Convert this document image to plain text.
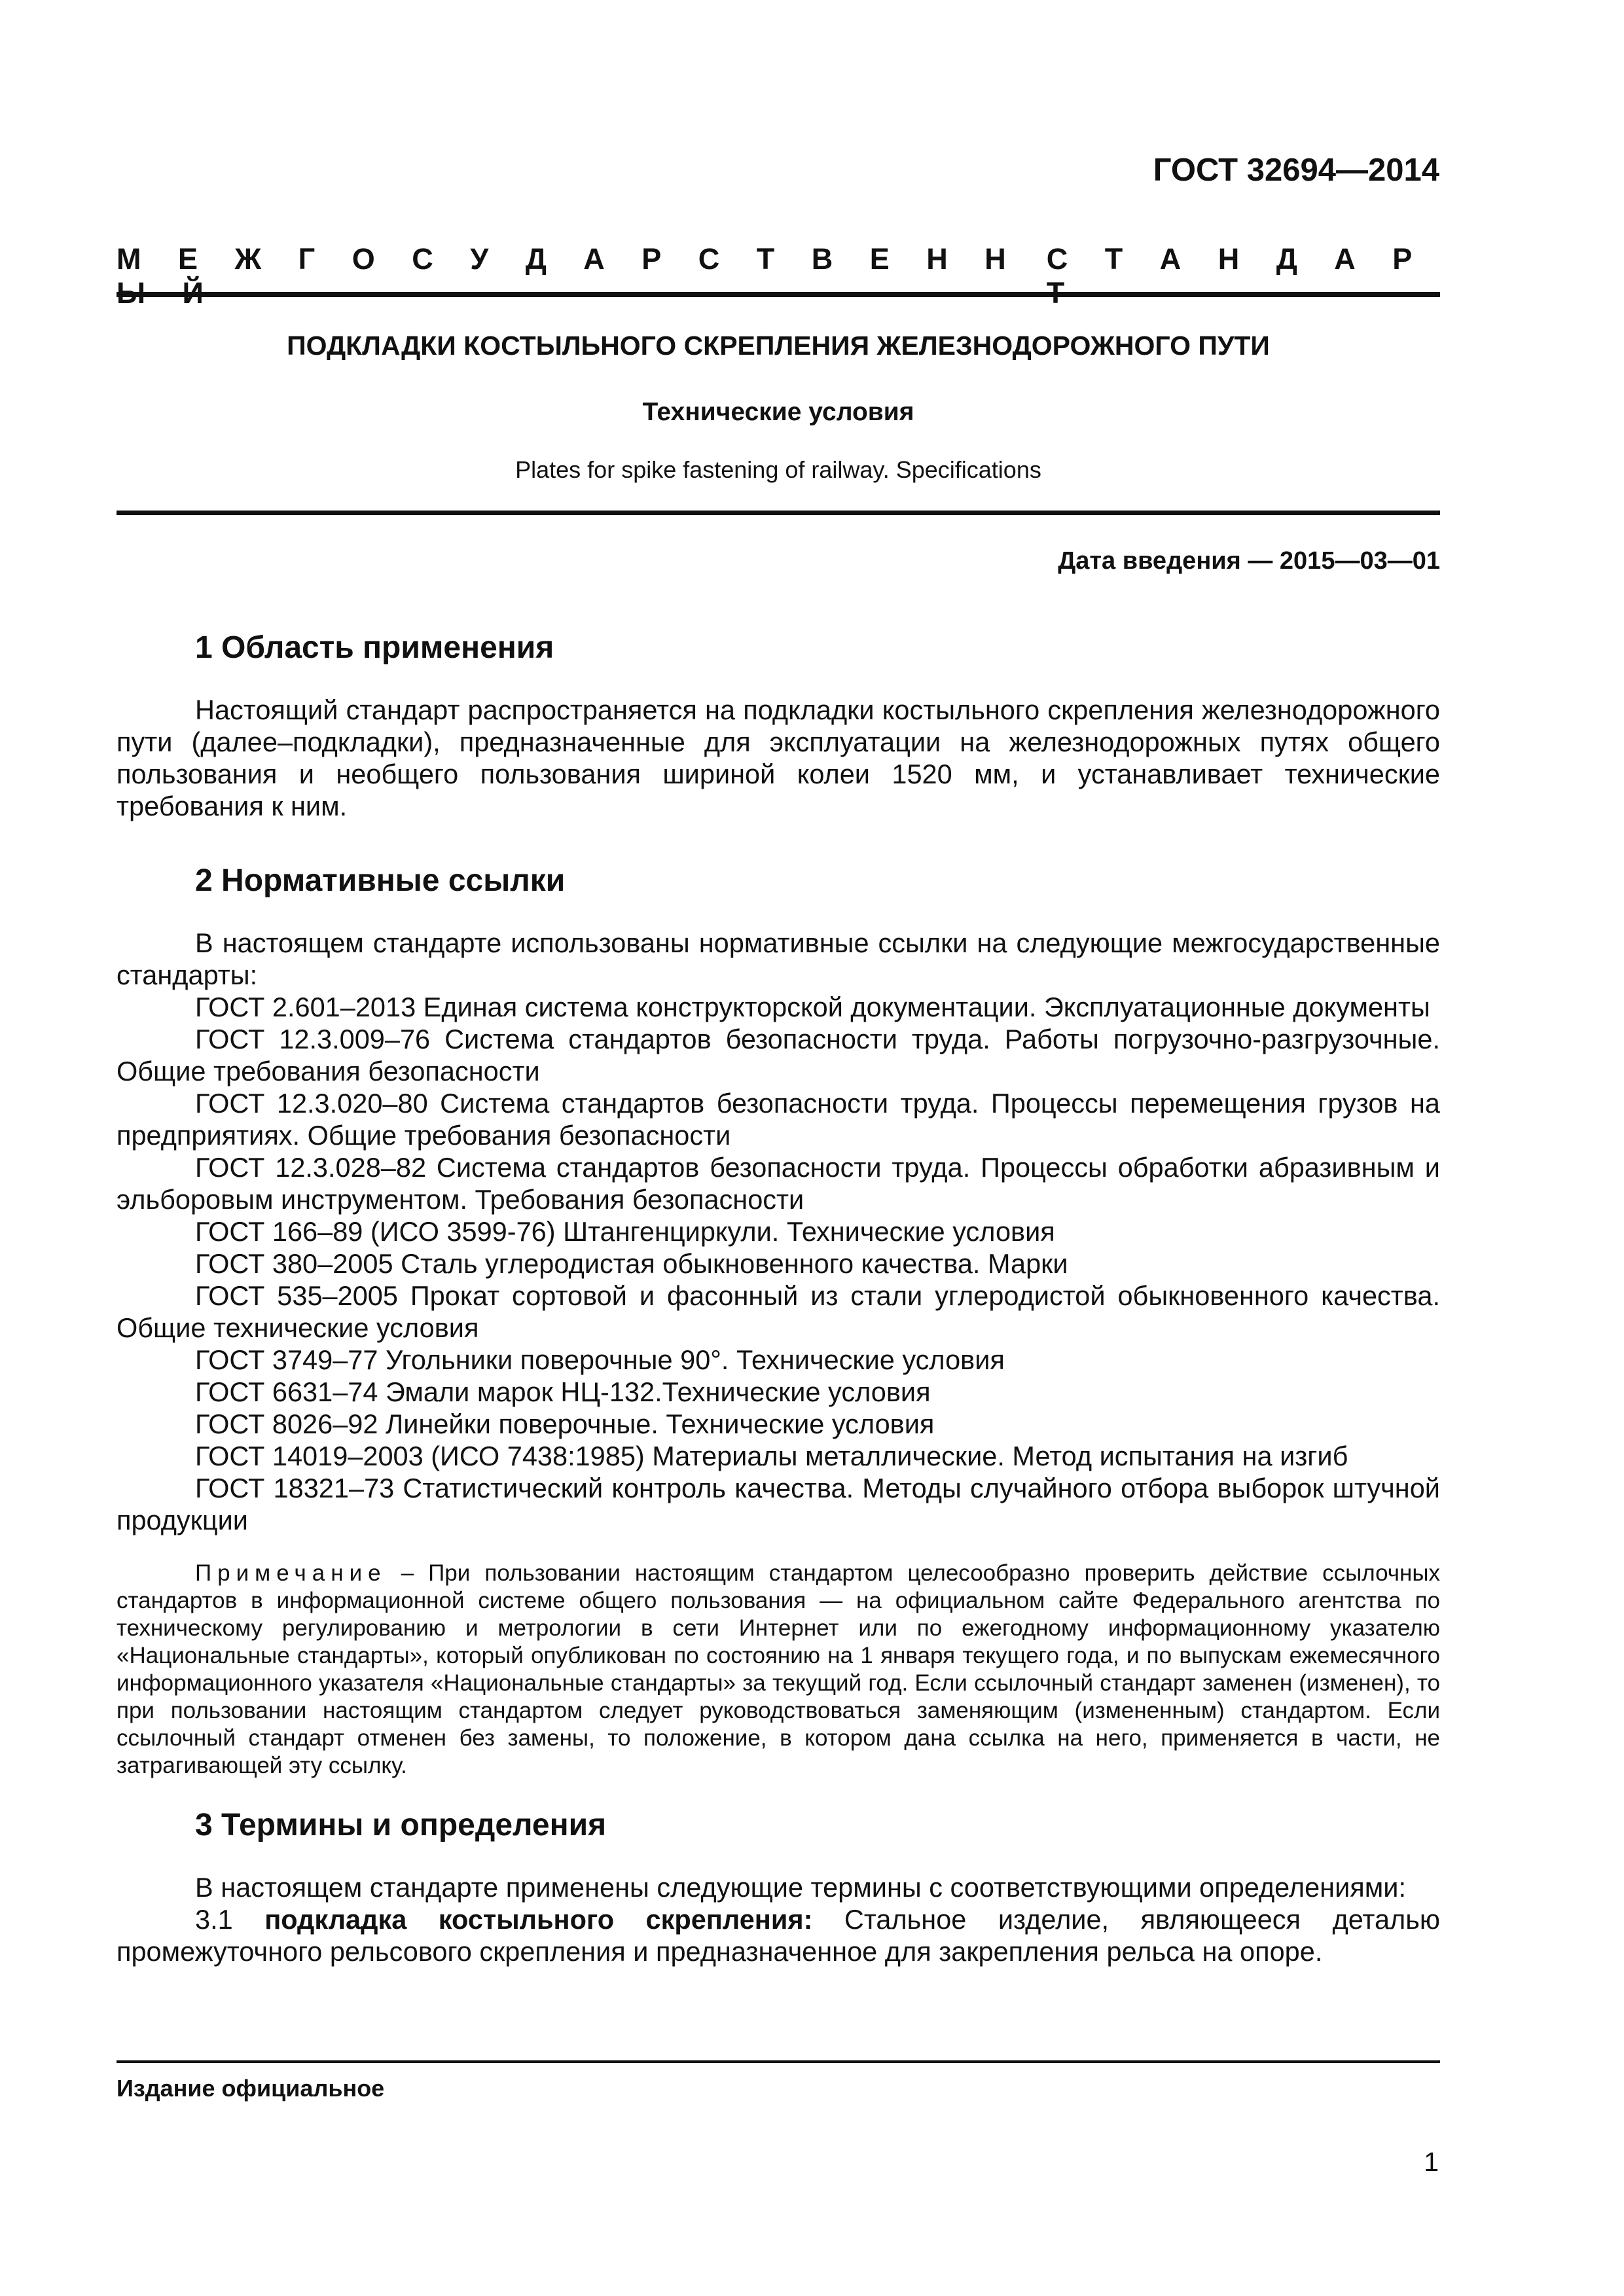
ГОСТ 32694—2014
М Е Ж Г О С У Д А Р С Т В Е Н Н С Т А Н Д А Р
ПОДКЛАДКИ КОСТЫЛЬНОГО СКРЕПЛЕНИЯ ЖЕЛЕЗНОДОРОЖНОГО ПУТИ
Технические условия
Plates for spike fastening of railway. Specifications
Дата введения — 2015—03—01
1 Область применения

Настоящий стандарт распространяется на подкладки костыльного скрепления железнодорожного пути (далее–подкладки), предназначенные для эксплуатации на железнодорожных путях общего пользования и необщего пользования шириной колеи 1520 мм, и устанавливает технические требования к ним.

2 Нормативные ссылки

В настоящем стандарте использованы нормативные ссылки на следующие межгосударственные стандарты:

ГОСТ 2.601–2013 Единая система конструкторской документации. Эксплуатационные документы

ГОСТ 12.3.009–76 Система стандартов безопасности труда. Работы погрузочно-разгрузочные. Общие требования безопасности

ГОСТ 12.3.020–80 Система стандартов безопасности труда. Процессы перемещения грузов на предприятиях. Общие требования безопасности

ГОСТ 12.3.028–82 Система стандартов безопасности труда. Процессы обработки абразивным и эльборовым инструментом. Требования безопасности

ГОСТ 166–89 (ИСО 3599-76) Штангенциркули. Технические условия

ГОСТ 380–2005 Сталь углеродистая обыкновенного качества. Марки

ГОСТ 535–2005 Прокат сортовой и фасонный из стали углеродистой обыкновенного качества. Общие технические условия

ГОСТ 3749–77 Угольники поверочные 90°. Технические условия

ГОСТ 6631–74 Эмали марок НЦ-132.Технические условия

ГОСТ 8026–92 Линейки поверочные. Технические условия

ГОСТ 14019–2003 (ИСО 7438:1985) Материалы металлические. Метод испытания на изгиб

ГОСТ 18321–73 Статистический контроль качества. Методы случайного отбора выборок штучной продукции

Примечание – При пользовании настоящим стандартом целесообразно проверить действие ссылочных стандартов в информационной системе общего пользования — на официальном сайте Федерального агентства по техническому регулированию и метрологии в сети Интернет или по ежегодному информационному указателю «Национальные стандарты», который опубликован по состоянию на 1 января текущего года, и по выпускам ежемесячного информационного указателя «Национальные стандарты» за текущий год. Если ссылочный стандарт заменен (изменен), то при пользовании настоящим стандартом следует руководствоваться заменяющим (измененным) стандартом. Если ссылочный стандарт отменен без замены, то положение, в котором дана ссылка на него, применяется в части, не затрагивающей эту ссылку.

3 Термины и определения

В настоящем стандарте применены следующие термины с соответствующими определениями:

3.1 подкладка костыльного скрепления: Стальное изделие, являющееся деталью промежуточного рельсового скрепления и предназначенное для закрепления рельса на опоре.

Издание официальное
1
